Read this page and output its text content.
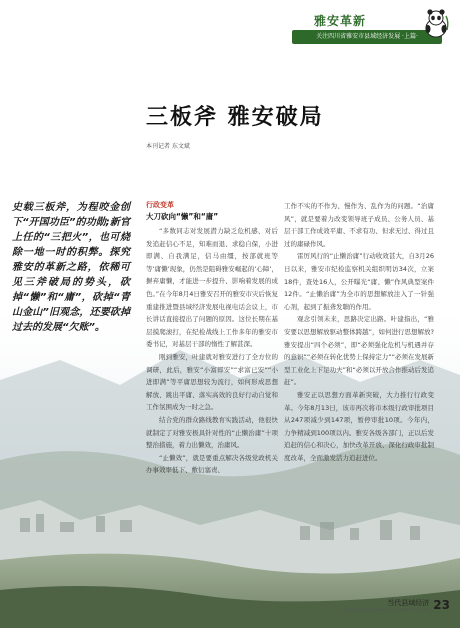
雅安革新
关注四川省雅安市县域经济发展 ·上篇·
三板斧 雅安破局
本刊记者 东文斌
史载三板斧，为程咬金创下“开国功臣”的功勋;新官上任的“三把火”，也可烧除一地一时的积弊。探究雅安的革新之路，依稀可见三斧破局的势头，砍掉“懒”和“庸”，砍掉“青山金山”旧观念，还要砍掉过去的发展“欠账”。
行政变革
大刀砍向“懒”和“庸”

“多数同志对发展潜力缺乏危机感、对后发追赶信心不足，知难而退、求稳自保，小进即满、自我满足，信马由缰，按部就班等等‘庸懒’现象，仍然是阻碍雅安崛起的‘心障’，摒弃庸懒，才能进一步提升、影响着发展的成色。”在今年8月4日雅安召开的雅安市灾后恢复重建推进暨县域经济发展电视电话会议上，市长讲话直接提出了问题的原因。这位长期在基层摸爬滚打，在纪检战线上工作多年的雅安市委书记，对基层干部的惰性了解甚深。

刚到雅安，叶建就对雅安进行了全方位的调研，此后，雅安“小富即安”“求富已安”“小进即满”等平庸思想较为流行，如何形成思想解放、跳出平庸、落实高效的良好行动自觉和工作氛围成为一时之急。

结合党的群众路线教育实践活动，他很快就制定了对雅安极具针对性的“止懒治庸”十项整治措施，着力出懒效，治庸风。

“止懒效”，就是要重点解决各级党政机关办事效率低下、敷衍塞责、

工作不实的不作为、慢作为、乱作为的问题。“治庸风”，就是要着力改变领导班子成员、公务人员、基层干部工作成效平庸、不求有功、但求无过、得过且过的庸碌作风。

雷厉风行的“止懒治庸”行动收效甚大，自3月26日以来，雅安市纪检监察机关组织明访34次，立案18件，查处16人，公开曝光“庸、懒”作风典型案件12件。“止懒治庸”为全市的思想解放注入了一针强心剂，起到了振聋发聩的作用。

观念引领未来，思路决定出路。叶建指出，“雅安要以思想解放驱动整体跨越”，如何进行思想解放?雅安提出“四个必须”，即“必须强化危机与机遇并存的意识”“必须在转化优势上保持定力”“必须在发展新型工业化上下足功夫”和“必须以开放合作推动后发追赶”。

雅安正以思想方面革新突破，大力推行行政变革。今年8月13日，该市再次将市本级行政审批项目从247项减少到147项，暂停审批10项。今年内，力争精减到100项以内。雅安各级各部门，正以后发追赶的信心和决心，加快改革开放、深化行政审批制度改革，全面激发活力追赶进位。

当代县域经济
PRESENT-DAY COUNTY ECONOMY · 2014 08 23
